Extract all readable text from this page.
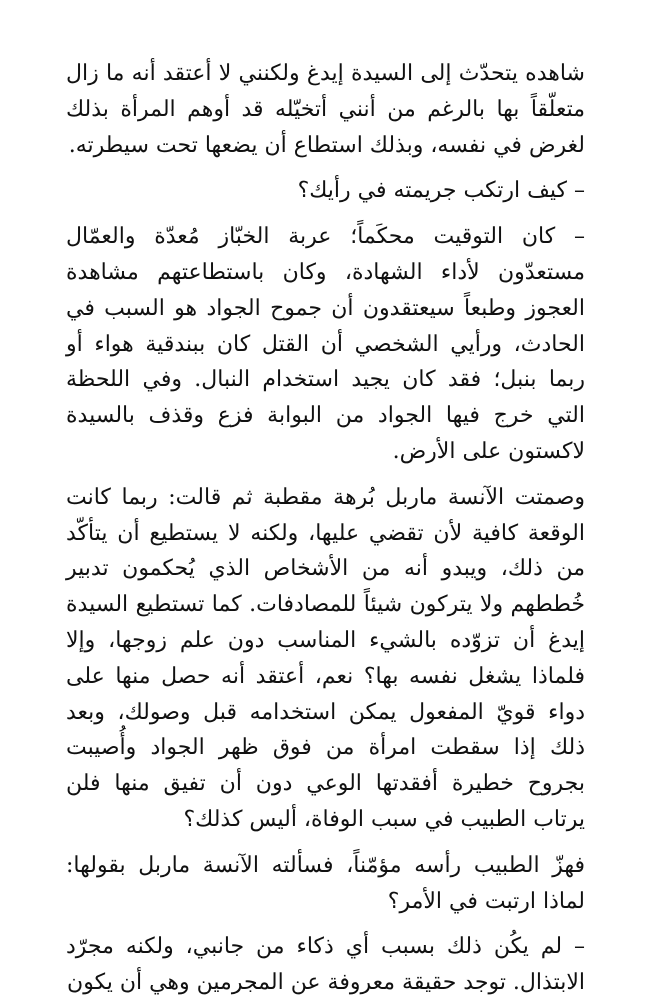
شاهده يتحدّث إلى السيدة إيدغ ولكنني لا أعتقد أنه ما زال متعلّقاً بها بالرغم من أنني أتخيّله قد أوهم المرأة بذلك لغرض في نفسه، وبذلك استطاع أن يضعها تحت سيطرته.

– كيف ارتكب جريمته في رأيك؟

– كان التوقيت محكَماً؛ عربة الخبّاز مُعدّة والعمّال مستعدّون لأداء الشهادة، وكان باستطاعتهم مشاهدة العجوز وطبعاً سيعتقدون أن جموح الجواد هو السبب في الحادث، ورأيي الشخصي أن القتل كان ببندقية هواء أو ربما بنبل؛ فقد كان يجيد استخدام النبال. وفي اللحظة التي خرج فيها الجواد من البوابة فزع وقذف بالسيدة لاكستون على الأرض.

وصمتت الآنسة ماربل بُرهة مقطبة ثم قالت: ربما كانت الوقعة كافية لأن تقضي عليها، ولكنه لا يستطيع أن يتأكّد من ذلك، ويبدو أنه من الأشخاص الذي يُحكمون تدبير خُططهم ولا يتركون شيئاً للمصادفات. كما تستطيع السيدة إيدغ أن تزوّده بالشيء المناسب دون علم زوجها، وإلا فلماذا يشغل نفسه بها؟ نعم، أعتقد أنه حصل منها على دواء قويّ المفعول يمكن استخدامه قبل وصولك، وبعد ذلك إذا سقطت امرأة من فوق ظهر الجواد وأُصيبت بجروح خطيرة أفقدتها الوعي دون أن تفيق منها فلن يرتاب الطبيب في سبب الوفاة، أليس كذلك؟

فهزّ الطبيب رأسه مؤمّناً، فسألته الآنسة ماربل بقولها: لماذا ارتبت في الأمر؟

– لم يكُن ذلك بسبب أي ذكاء من جانبي، ولكنه مجرّد الابتذال. توجد حقيقة معروفة عن المجرمين وهي أن يكون
